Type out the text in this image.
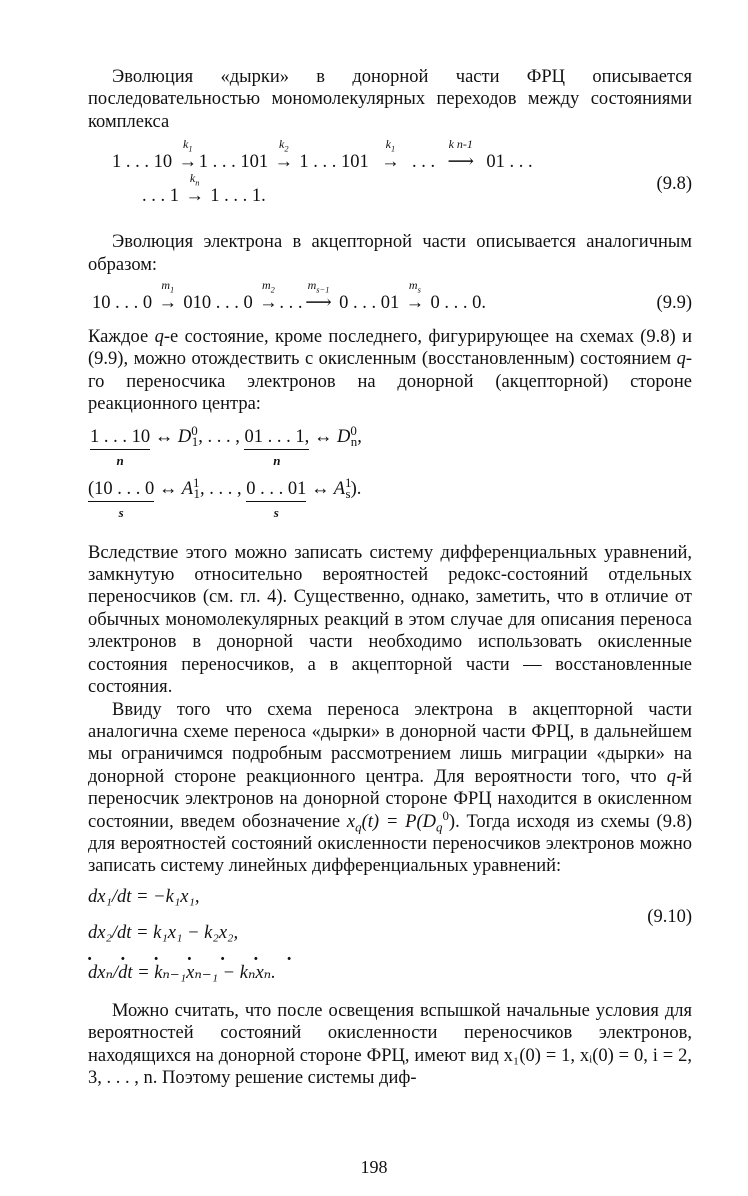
Эволюция «дырки» в донорной части ФРЦ описывается последовательностью мономолекулярных переходов между состояниями комплекса

1 . . . 10
$k_1$
→1 . . . 101
$k_2$
→ 1 . . . 101
$k_1$
→ . . .
k n-1
⟶ 01 . . .
. . . 1
$k_n$
→ 1 . . . 1.
(9.8)

Эволюция электрона в акцепторной части описывается аналогичным образом:

10 . . . 0
$m_1$
→ 010 . . . 0
$m_2$
→. . .
$m_{s-1}$
⟶ 0 . . . 01
$m_s$
→ 0 . . . 0.	(9.9)

Каждое q-е состояние, кроме последнего, фигурирующее на схемах (9.8) и (9.9), можно отождествить с окисленным (восстановленным) состоянием q-го переносчика электронов на донорной (акцепторной) стороне реакционного центра:

1 . . . 10
n
↔ $D^0_1$, . . . , 01 . . . 1,
n
↔ $D^0_n$,
(10 . . . 0
s
↔ $A^1_1$, . . . , 0 . . . 01
s
↔ $A^1_s$).

Вследствие этого можно записать систему дифференциальных уравнений, замкнутую относительно вероятностей редокс-состояний отдельных переносчиков (см. гл. 4). Существенно, однако, заметить, что в отличие от обычных мономолекулярных реакций в этом случае для описания переноса электронов в донорной части необходимо использовать окисленные состояния переносчиков, а в акцепторной части — восстановленные состояния.

Ввиду того что схема переноса электрона в акцепторной части аналогична схеме переноса «дырки» в донорной части ФРЦ, в дальнейшем мы ограничимся подробным рассмотрением лишь миграции «дырки» на донорной стороне реакционного центра. Для вероятности того, что q-й переносчик электронов на донорной стороне ФРЦ находится в окисленном состоянии, введем обозначение $x_q(t) = P(D_q^0)$. Тогда исходя из схемы (9.8) для вероятностей состояний окисленности переносчиков электронов можно записать систему линейных дифференциальных уравнений:

dx₁/dt = −k₁x₁,
dx₂/dt = k₁x₁ − k₂x₂,
. . . . . . .
dxₙ/dt = kₙ₋₁xₙ₋₁ − kₙxₙ.
(9.10)

Можно считать, что после освещения вспышкой начальные условия для вероятностей состояний окисленности переносчиков электронов, находящихся на донорной стороне ФРЦ, имеют вид x₁(0) = 1, xᵢ(0) = 0, i = 2, 3, . . . , n. Поэтому решение системы диф-

198
